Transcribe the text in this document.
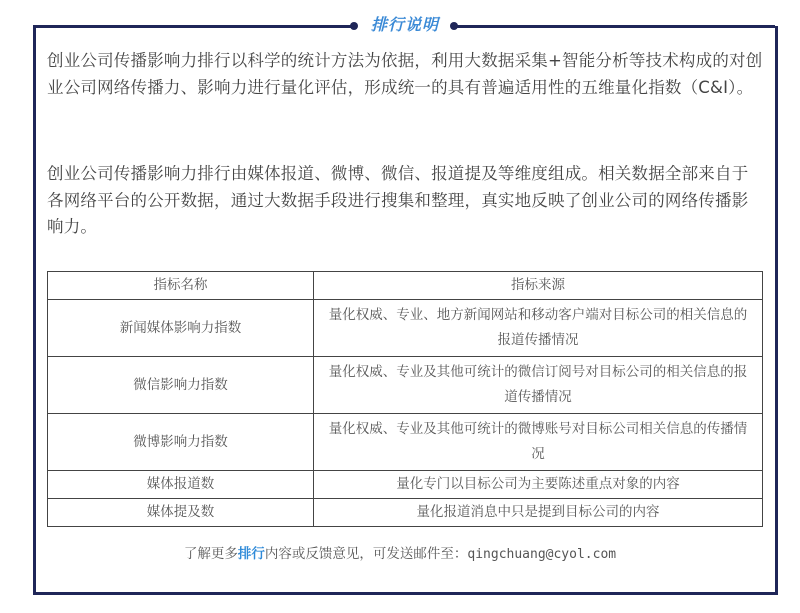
排行说明
创业公司传播影响力排行以科学的统计方法为依据，利用大数据采集+智能分析等技术构成的对创业公司网络传播力、影响力进行量化评估，形成统一的具有普遍适用性的五维量化指数（C&I）。
创业公司传播影响力排行由媒体报道、微博、微信、报道提及等维度组成。相关数据全部来自于各网络平台的公开数据，通过大数据手段进行搜集和整理，真实地反映了创业公司的网络传播影响力。
指标名称	指标来源
新闻媒体影响力指数	量化权威、专业、地方新闻网站和移动客户端对目标公司的相关信息的报道传播情况
微信影响力指数	量化权威、专业及其他可统计的微信订阅号对目标公司的相关信息的报道传播情况
微博影响力指数	量化权威、专业及其他可统计的微博账号对目标公司相关信息的传播情况
媒体报道数	量化专门以目标公司为主要陈述重点对象的内容
媒体提及数	量化报道消息中只是提到目标公司的内容
了解更多排行内容或反馈意见，可发送邮件至：qingchuang@cyol.com
